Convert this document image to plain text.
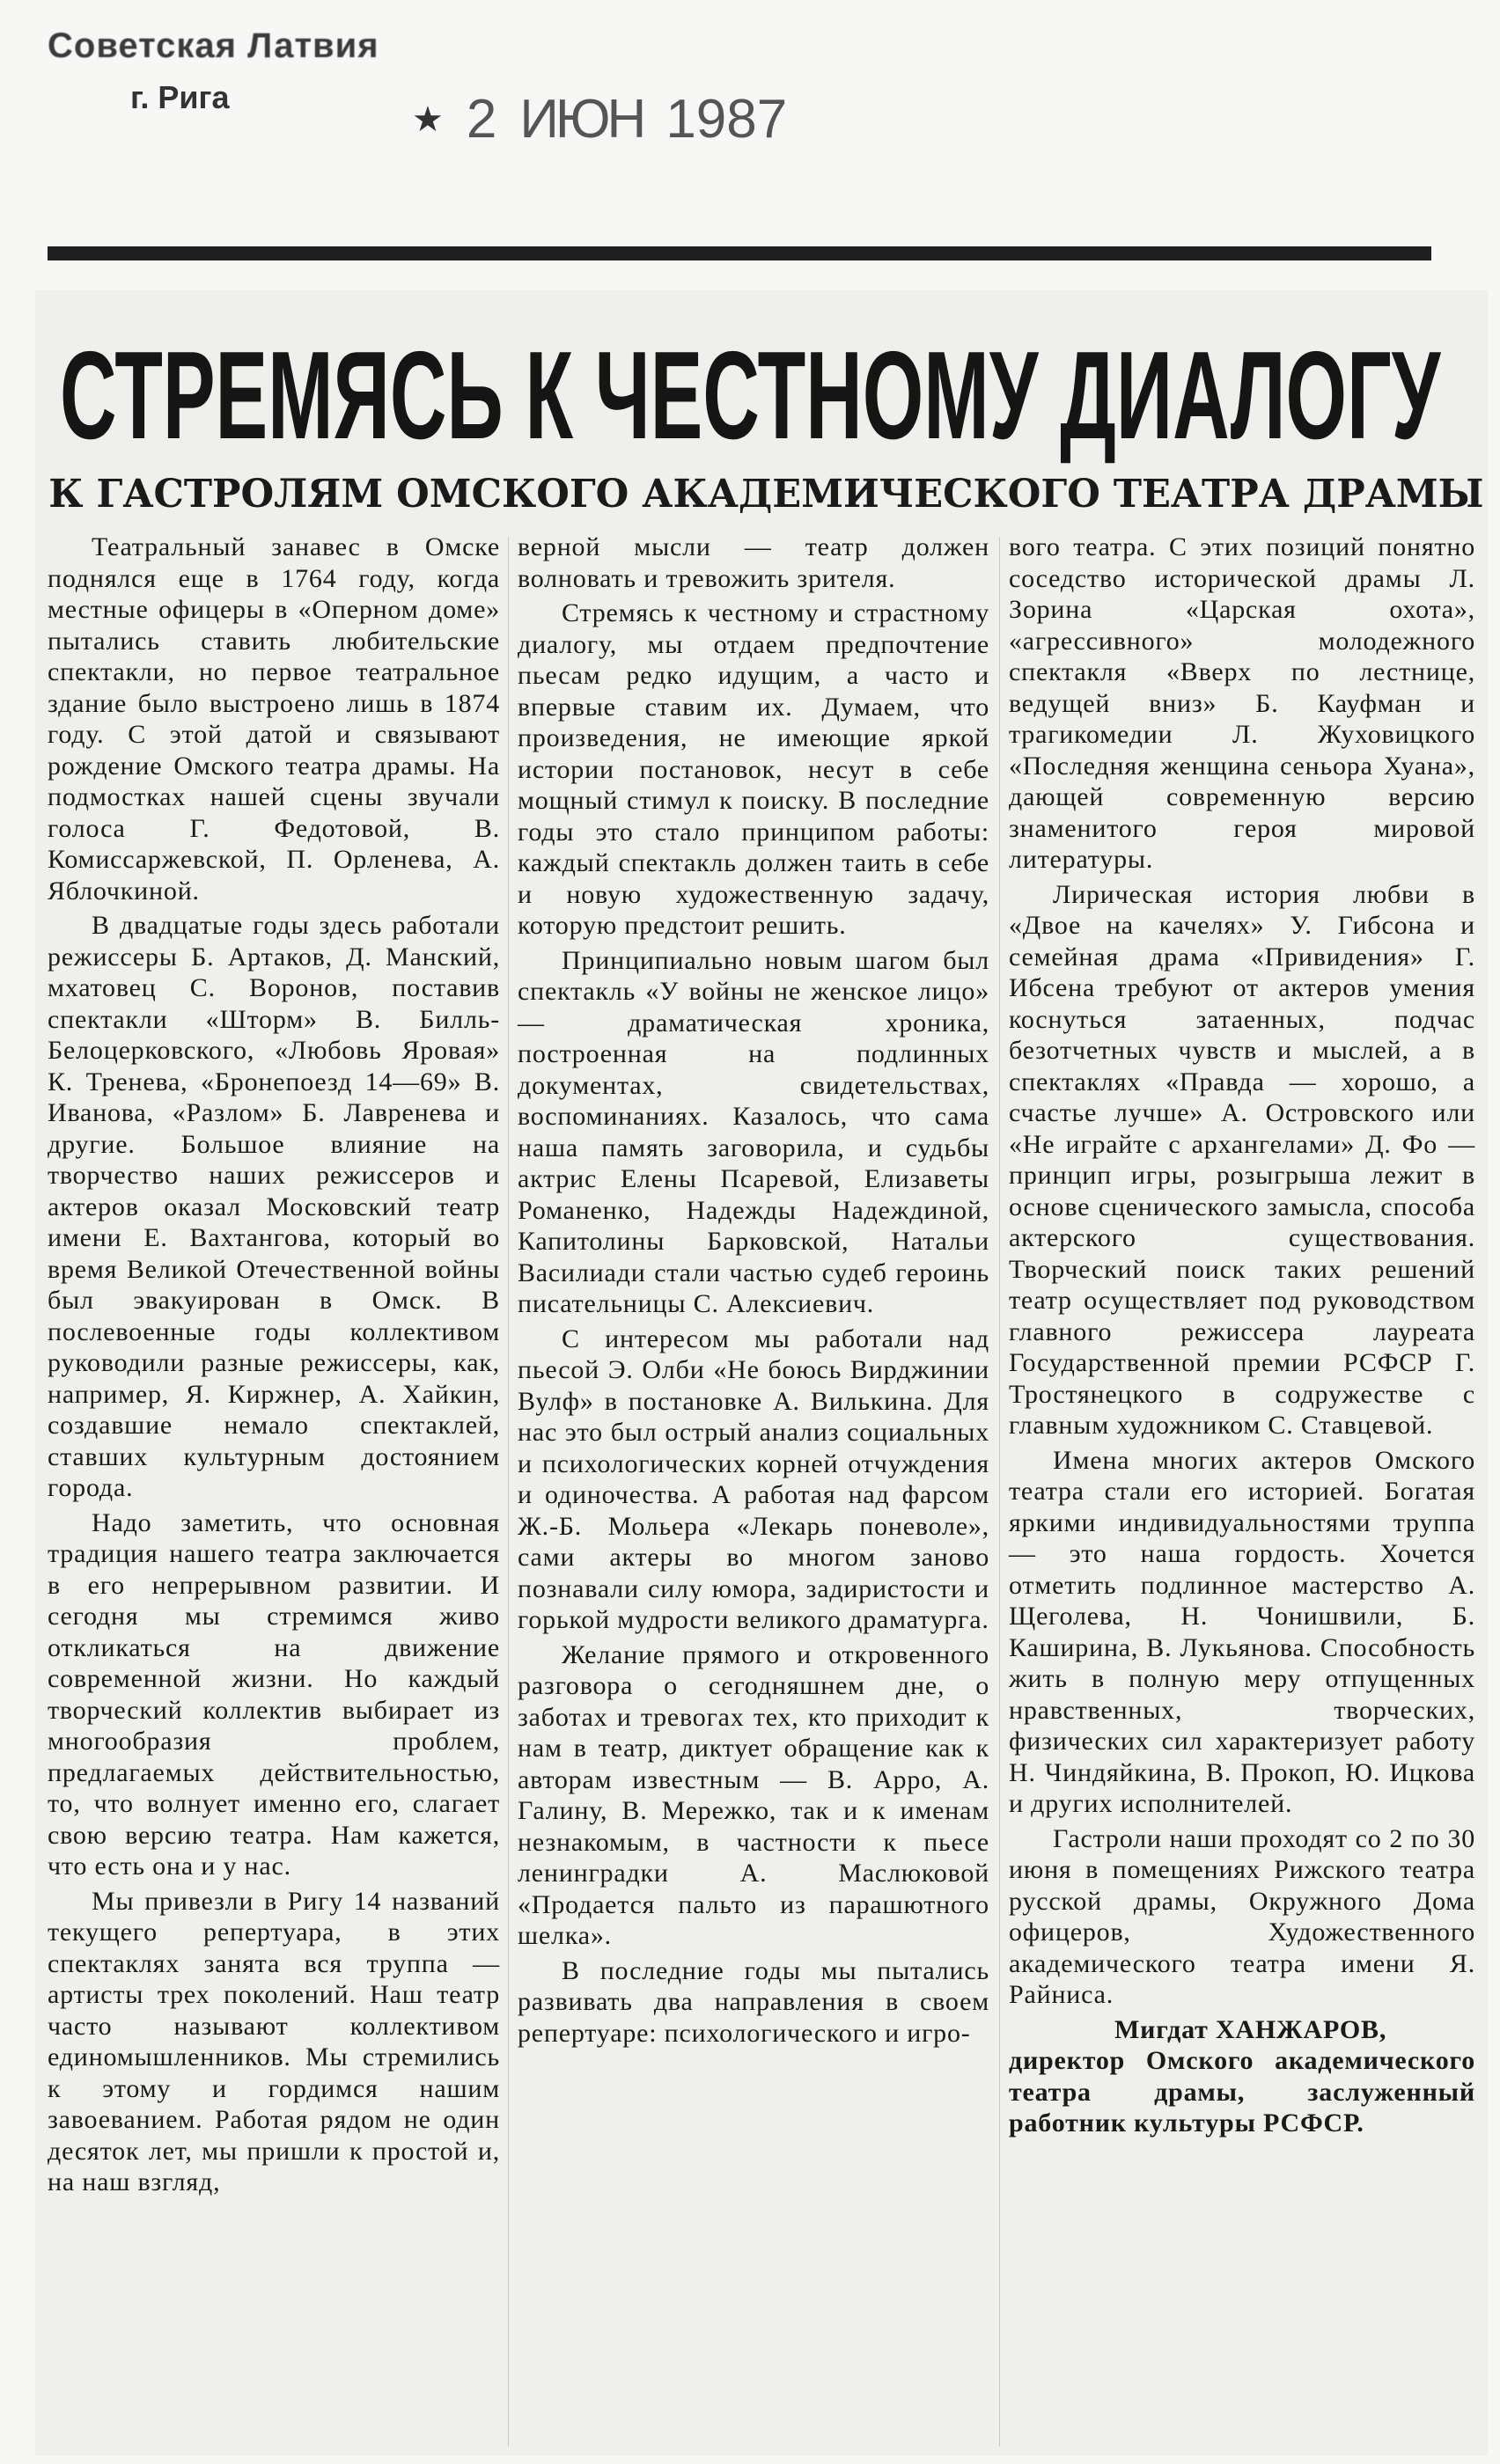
Советская Латвия
г. Рига
★ 2 ИЮН 1987
СТРЕМЯСЬ К ЧЕСТНОМУ ДИАЛОГУ
К ГАСТРОЛЯМ ОМСКОГО АКАДЕМИЧЕСКОГО ТЕАТРА ДРАМЫ

Театральный занавес в Омске поднялся еще в 1764 году, когда местные офицеры в «Оперном доме» пытались ставить любительские спектакли, но первое театральное здание было выстроено лишь в 1874 году. С этой датой и связывают рождение Омского театра драмы. На подмостках нашей сцены звучали голоса Г. Федотовой, В. Комиссаржевской, П. Орленева, А. Яблочкиной.

В двадцатые годы здесь работали режиссеры Б. Артаков, Д. Манский, мхатовец С. Воронов, поставив спектакли «Шторм» В. Билль-Белоцерковского, «Любовь Яровая» К. Тренева, «Бронепоезд 14—69» В. Иванова, «Разлом» Б. Лавренева и другие. Большое влияние на творчество наших режиссеров и актеров оказал Московский театр имени Е. Вахтангова, который во время Великой Отечественной войны был эвакуирован в Омск. В послевоенные годы коллективом руководили разные режиссеры, как, например, Я. Киржнер, А. Хайкин, создавшие немало спектаклей, ставших культурным достоянием города.

Надо заметить, что основная традиция нашего театра заключается в его непрерывном развитии. И сегодня мы стремимся живо откликаться на движение современной жизни. Но каждый творческий коллектив выбирает из многообразия проблем, предлагаемых действительностью, то, что волнует именно его, слагает свою версию театра. Нам кажется, что есть она и у нас.

Мы привезли в Ригу 14 названий текущего репертуара, в этих спектаклях занята вся труппа — артисты трех поколений. Наш театр часто называют коллективом единомышленников. Мы стремились к этому и гордимся нашим завоеванием. Работая рядом не один десяток лет, мы пришли к простой и, на наш взгляд,

верной мысли — театр должен волновать и тревожить зрителя.

Стремясь к честному и страстному диалогу, мы отдаем предпочтение пьесам редко идущим, а часто и впервые ставим их. Думаем, что произведения, не имеющие яркой истории постановок, несут в себе мощный стимул к поиску. В последние годы это стало принципом работы: каждый спектакль должен таить в себе и новую художественную задачу, которую предстоит решить.

Принципиально новым шагом был спектакль «У войны не женское лицо» — драматическая хроника, построенная на подлинных документах, свидетельствах, воспоминаниях. Казалось, что сама наша память заговорила, и судьбы актрис Елены Псаревой, Елизаветы Романенко, Надежды Надеждиной, Капитолины Барковской, Натальи Василиади стали частью судеб героинь писательницы С. Алексиевич.

С интересом мы работали над пьесой Э. Олби «Не боюсь Вирджинии Вулф» в постановке А. Вилькина. Для нас это был острый анализ социальных и психологических корней отчуждения и одиночества. А работая над фарсом Ж.-Б. Мольера «Лекарь поневоле», сами актеры во многом заново познавали силу юмора, задиристости и горькой мудрости великого драматурга.

Желание прямого и откровенного разговора о сегодняшнем дне, о заботах и тревогах тех, кто приходит к нам в театр, диктует обращение как к авторам известным — В. Арро, А. Галину, В. Мережко, так и к именам незнакомым, в частности к пьесе ленинградки А. Маслюковой «Продается пальто из парашютного шелка».

В последние годы мы пытались развивать два направления в своем репертуаре: психологического и игро-

вого театра. С этих позиций понятно соседство исторической драмы Л. Зорина «Царская охота», «агрессивного» молодежного спектакля «Вверх по лестнице, ведущей вниз» Б. Кауфман и трагикомедии Л. Жуховицкого «Последняя женщина сеньора Хуана», дающей современную версию знаменитого героя мировой литературы.

Лирическая история любви в «Двое на качелях» У. Гибсона и семейная драма «Привидения» Г. Ибсена требуют от актеров умения коснуться затаенных, подчас безотчетных чувств и мыслей, а в спектаклях «Правда — хорошо, а счастье лучше» А. Островского или «Не играйте с архангелами» Д. Фо — принцип игры, розыгрыша лежит в основе сценического замысла, способа актерского существования. Творческий поиск таких решений театр осуществляет под руководством главного режиссера лауреата Государственной премии РСФСР Г. Тростянецкого в содружестве с главным художником С. Ставцевой.

Имена многих актеров Омского театра стали его историей. Богатая яркими индивидуальностями труппа — это наша гордость. Хочется отметить подлинное мастерство А. Щеголева, Н. Чонишвили, Б. Каширина, В. Лукьянова. Способность жить в полную меру отпущенных нравственных, творческих, физических сил характеризует работу Н. Чиндяйкина, В. Прокоп, Ю. Ицкова и других исполнителей.

Гастроли наши проходят со 2 по 30 июня в помещениях Рижского театра русской драмы, Окружного Дома офицеров, Художественного академического театра имени Я. Райниса.

Мигдат ХАНЖАРОВ,
директор Омского академического театра драмы, заслуженный работник культуры РСФСР.
